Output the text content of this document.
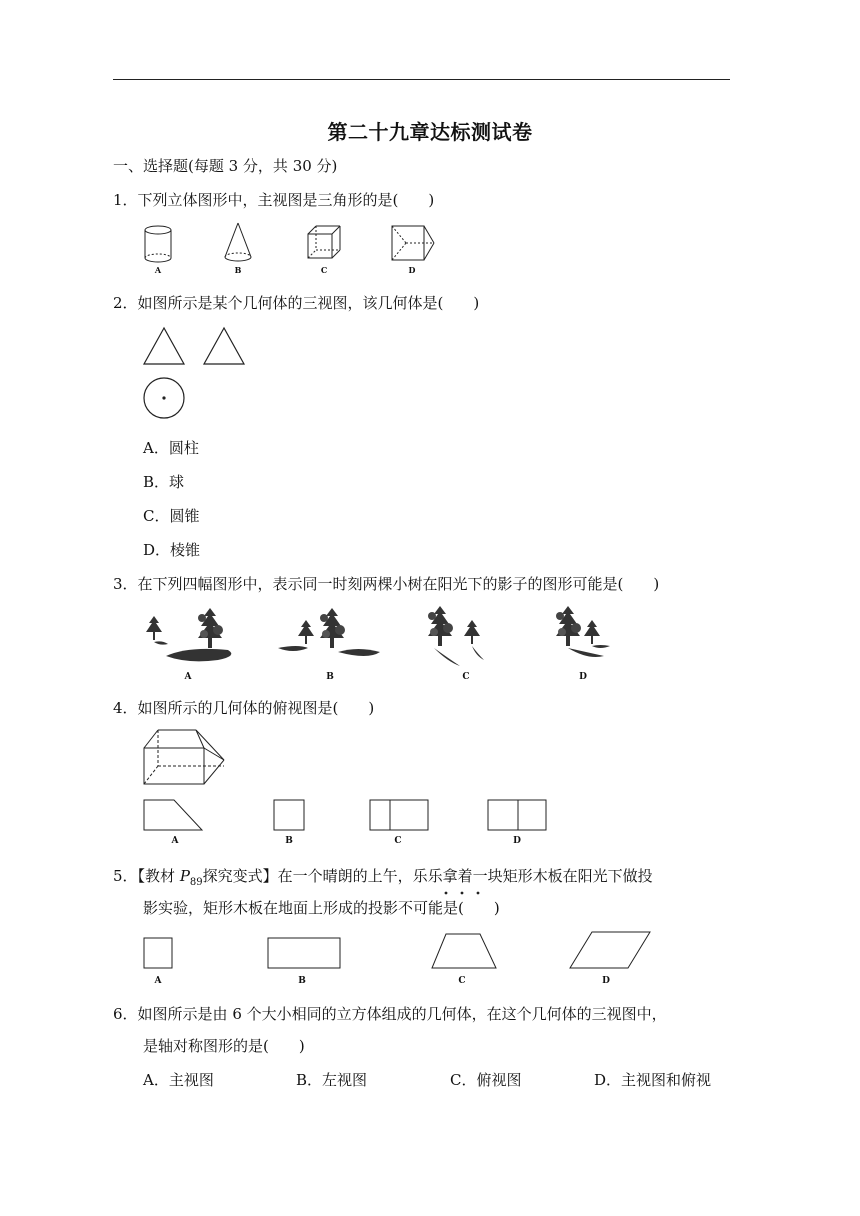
第二十九章达标测试卷
一、选择题(每题 3 分，共 30 分)
1．下列立体图形中，主视图是三角形的是(　　)
A	B	C	D
2．如图所示是某个几何体的三视图，该几何体是(　　)
A．圆柱
B．球
C．圆锥
D．棱锥
3．在下列四幅图形中，表示同一时刻两棵小树在阳光下的影子的图形可能是(　　)
A	B	C	D
4．如图所示的几何体的俯视图是(　　)
A	B	C	D
5．【教材 $P_{89}$探究变式】在一个晴朗的上午，乐乐拿着一块矩形木板在阳光下做投
影实验，矩形木板在地面上形成的投影不可能是(　　)
A	B	C	D
6．如图所示是由 6 个大小相同的立方体组成的几何体，在这个几何体的三视图中，
是轴对称图形的是(　　)
A．主视图	B．左视图	C．俯视图	D．主视图和俯视
